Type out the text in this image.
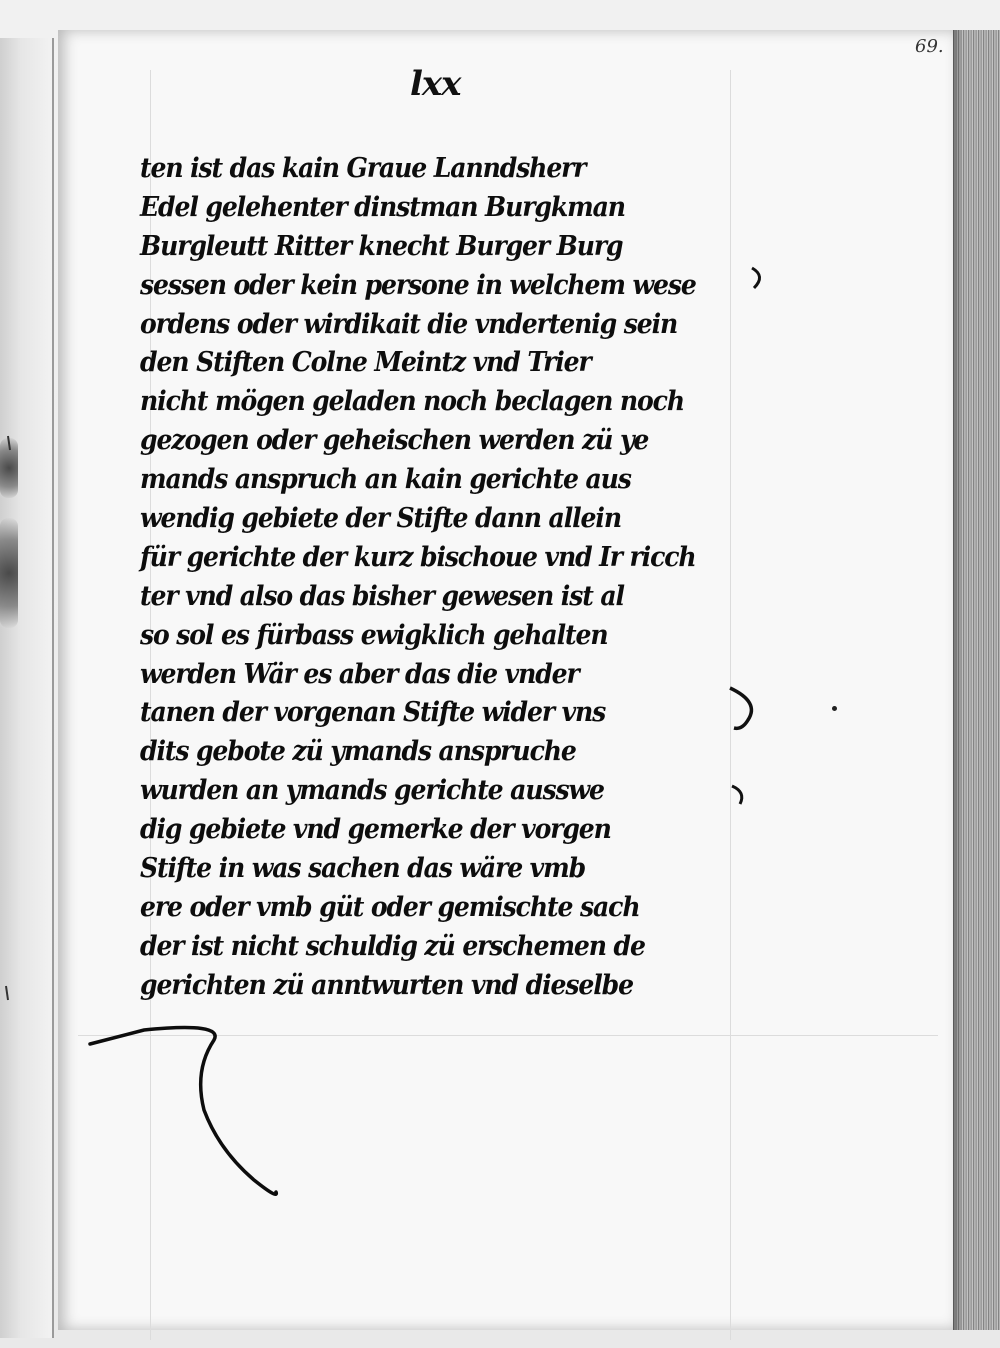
69.
lxx
ten ist das kain Graue Lanndsherr
Edel gelehenter dinstman Burgkman
Burgleutt Ritter knecht Burger Burg
sessen oder kein persone in welchem wese
ordens oder wirdikait die vndertenig sein
den Stiften Colne Meintz vnd Trier
nicht mögen geladen noch beclagen noch
gezogen oder geheischen werden zü ye
mands anspruch an kain gerichte aus
wendig gebiete der Stifte dann allein
für gerichte der kurz bischoue vnd Ir ricch
ter vnd also das bisher gewesen ist al
so sol es fürbass ewigklich gehalten
werden Wär es aber das die vnder
tanen der vorgenan Stifte wider vns
dits gebote zü ymands anspruche
wurden an ymands gerichte ausswe
dig gebiete vnd gemerke der vorgen
Stifte in was sachen das wäre vmb
ere oder vmb güt oder gemischte sach
der ist nicht schuldig zü erschemen de
gerichten zü anntwurten vnd dieselbe
